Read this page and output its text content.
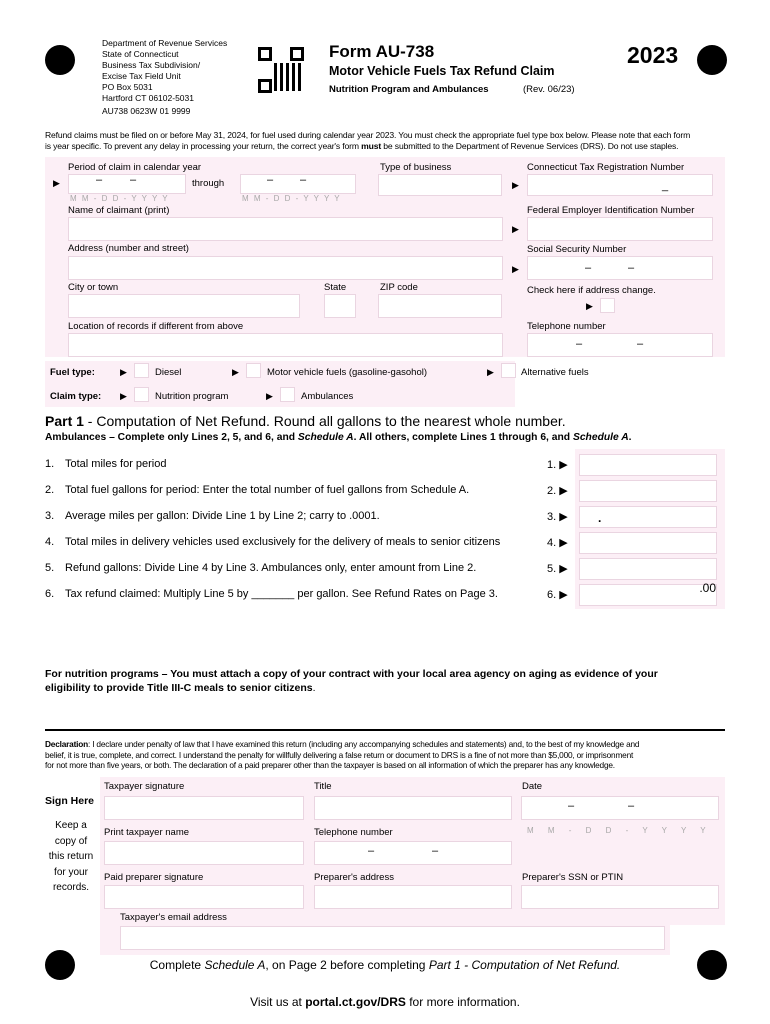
Department of Revenue Services
State of Connecticut
Business Tax Subdivision/
Excise Tax Field Unit
PO Box 5031
Hartford CT 06102-5031
AU738 0623W 01 9999
Form AU-738
Motor Vehicle Fuels Tax Refund Claim
Nutrition Program and Ambulances	(Rev. 06/23)
2023
Refund claims must be filed on or before May 31, 2024, for fuel used during calendar year 2023. You must check the appropriate fuel type box below. Please note that each form
is year specific. To prevent any delay in processing your return, the correct year's form must be submitted to the Department of Revenue Services (DRS). Do not use staples.
Period of claim in calendar year	Type of business	Connecticut Tax Registration Number
▶	–	–
M M - D D - Y Y Y Y
through	– –
M M - D D - Y Y Y Y
▶	_
Name of claimant (print)	Federal Employer Identification Number
▶
Address (number and street)	Social Security Number
▶	–	–
City or town	State	ZIP code	Check here if address change.
▶
Location of records if different from above	Telephone number
–	–
Fuel type:	▶	Diesel	▶	Motor vehicle fuels (gasoline-gasohol)	▶	Alternative fuels
Claim type: ▶	Nutrition program	▶	Ambulances
Part 1 - Computation of Net Refund. Round all gallons to the nearest whole number.
Ambulances – Complete only Lines 2, 5, and 6, and Schedule A. All others, complete Lines 1 through 6, and Schedule A.
1. Total miles for period	1. ▶
2. Total fuel gallons for period: Enter the total number of fuel gallons from Schedule A.	2. ▶
3. Average miles per gallon: Divide Line 1 by Line 2; carry to .0001.	3. ▶	.
4. Total miles in delivery vehicles used exclusively for the delivery of meals to senior citizens	4. ▶
5. Refund gallons: Divide Line 4 by Line 3. Ambulances only, enter amount from Line 2.	5. ▶
6. Tax refund claimed: Multiply Line 5 by _______ per gallon. See Refund Rates on Page 3.	6. ▶	.00
For nutrition programs – You must attach a copy of your contract with your local area agency on aging as evidence of your
eligibility to provide Title III-C meals to senior citizens.
Declaration: I declare under penalty of law that I have examined this return (including any accompanying schedules and statements) and, to the best of my knowledge and
belief, it is true, complete, and correct. I understand the penalty for willfully delivering a false return or document to DRS is a fine of not more than $5,000, or imprisonment
for not more than five years, or both. The declaration of a paid preparer other than the taxpayer is based on all information of which the preparer has any knowledge.
Sign Here
Keep a
copy of
this return
for your
records.
Taxpayer signature	Title	Date
–	–
M M - D D - Y Y Y Y
Print taxpayer name	Telephone number
–	–
Paid preparer signature	Preparer's address	Preparer's SSN or PTIN
Taxpayer's email address
Complete Schedule A, on Page 2 before completing Part 1 - Computation of Net Refund.
Visit us at portal.ct.gov/DRS for more information.
